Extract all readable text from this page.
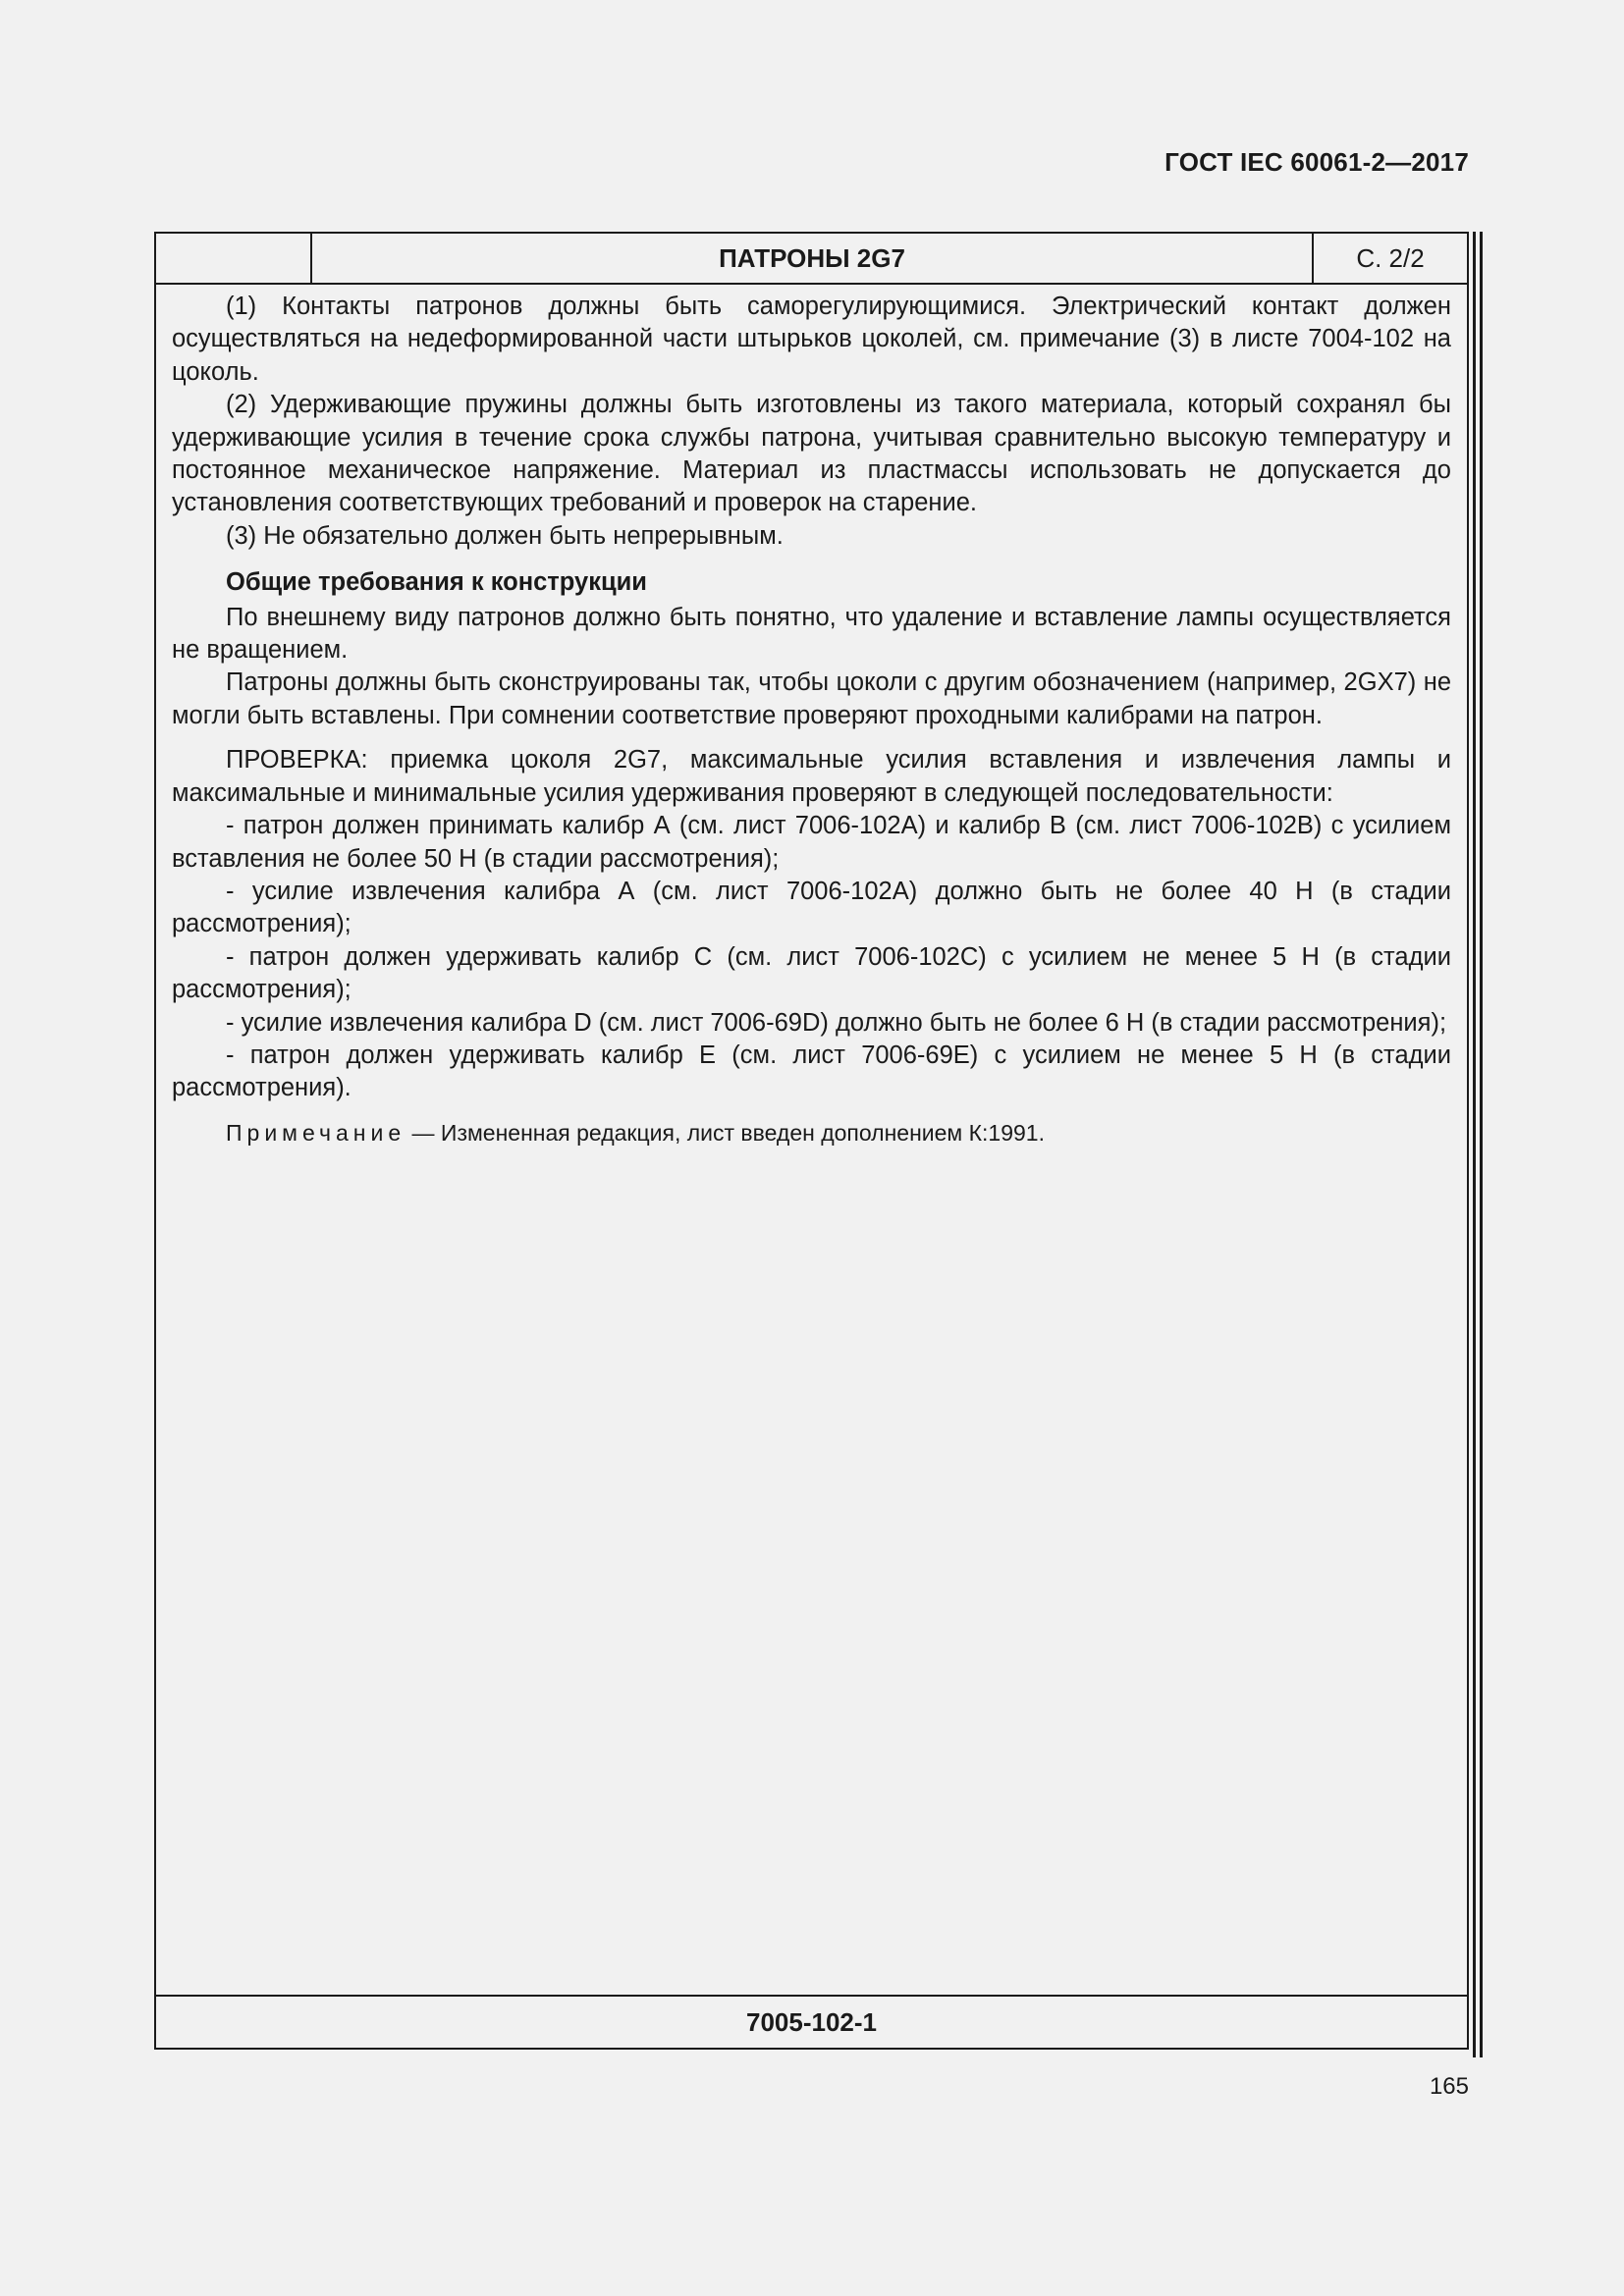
ГОСТ IEC 60061-2—2017
ПАТРОНЫ 2G7	С. 2/2

(1) Контакты патронов должны быть саморегулирующимися. Электрический контакт должен осуществляться на недеформированной части штырьков цоколей, см. примечание (3) в листе 7004-102 на цоколь.

(2) Удерживающие пружины должны быть изготовлены из такого материала, который сохранял бы удерживающие усилия в течение срока службы патрона, учитывая сравнительно высокую температуру и постоянное механическое напряжение. Материал из пластмассы использовать не допускается до установления соответствующих требований и проверок на старение.

(3) Не обязательно должен быть непрерывным.

Общие требования к конструкции

По внешнему виду патронов должно быть понятно, что удаление и вставление лампы осуществляется не вращением.

Патроны должны быть сконструированы так, чтобы цоколи с другим обозначением (например, 2GX7) не могли быть вставлены. При сомнении соответствие проверяют проходными калибрами на патрон.

ПРОВЕРКА: приемка цоколя 2G7, максимальные усилия вставления и извлечения лампы и максимальные и минимальные усилия удерживания проверяют в следующей последовательности:

- патрон должен принимать калибр А (см. лист 7006-102А) и калибр В (см. лист 7006-102В) с усилием вставления не более 50 Н (в стадии рассмотрения);

- усилие извлечения калибра А (см. лист 7006-102А) должно быть не более 40 Н (в стадии рассмотрения);

- патрон должен удерживать калибр С (см. лист 7006-102С) с усилием не менее 5 Н (в стадии рассмотрения);

- усилие извлечения калибра D (см. лист 7006-69D) должно быть не более 6 Н (в стадии рассмотрения);

- патрон должен удерживать калибр Е (см. лист 7006-69Е) с усилием не менее 5 Н (в стадии рассмотрения).

Примечание — Измененная редакция, лист введен дополнением К:1991.

7005-102-1
165
